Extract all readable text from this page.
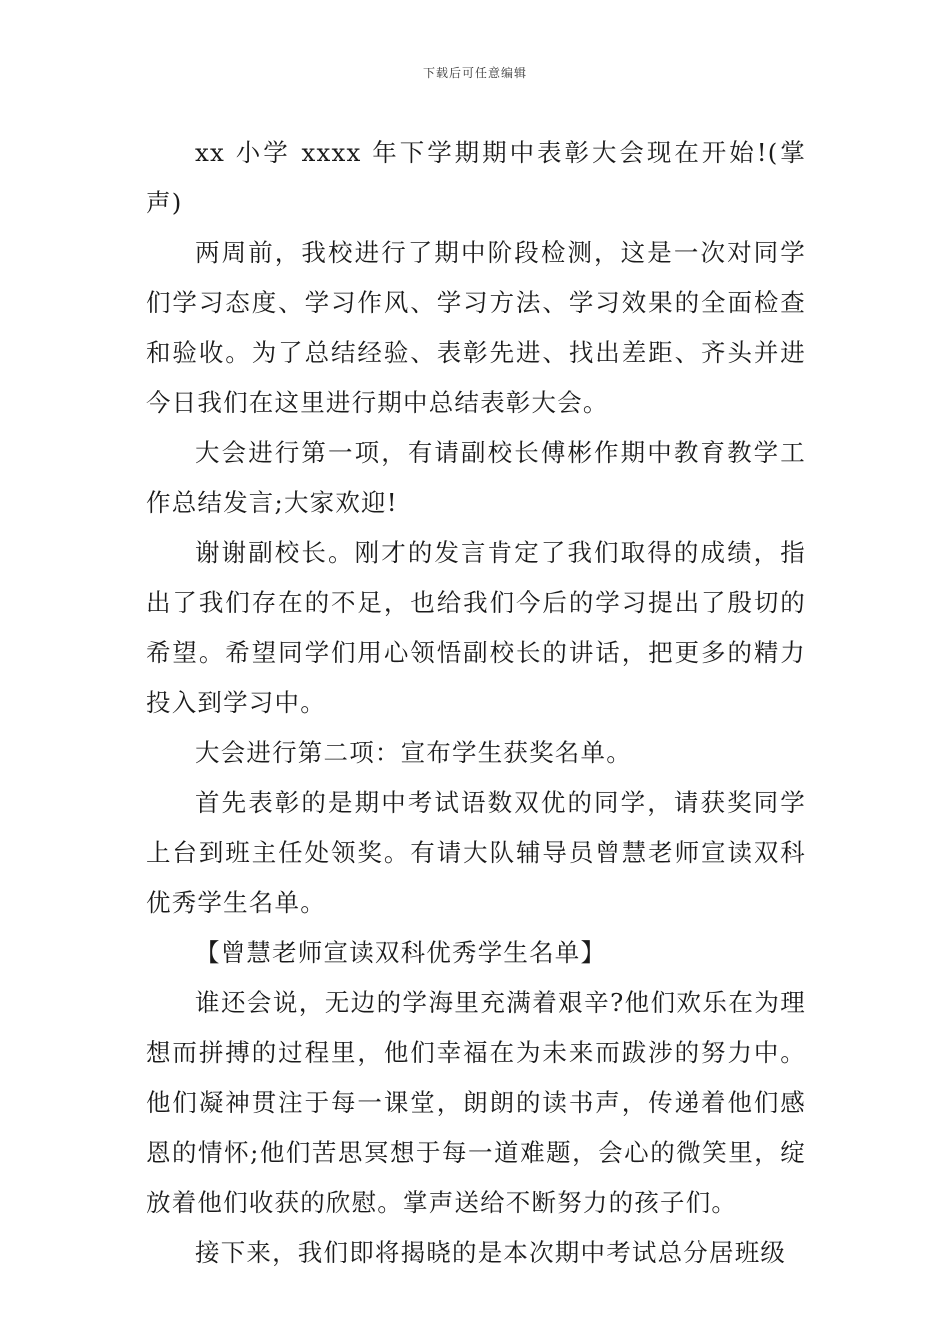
下载后可任意编辑

xx 小学 xxxx 年下学期期中表彰大会现在开始!(掌声)

两周前，我校进行了期中阶段检测，这是一次对同学们学习态度、学习作风、学习方法、学习效果的全面检查和验收。为了总结经验、表彰先进、找出差距、齐头并进今日我们在这里进行期中总结表彰大会。

大会进行第一项，有请副校长傅彬作期中教育教学工作总结发言;大家欢迎!

谢谢副校长。刚才的发言肯定了我们取得的成绩，指出了我们存在的不足，也给我们今后的学习提出了殷切的希望。希望同学们用心领悟副校长的讲话，把更多的精力投入到学习中。

大会进行第二项：宣布学生获奖名单。

首先表彰的是期中考试语数双优的同学，请获奖同学上台到班主任处领奖。有请大队辅导员曾慧老师宣读双科优秀学生名单。

【曾慧老师宣读双科优秀学生名单】

谁还会说，无边的学海里充满着艰辛?他们欢乐在为理想而拼搏的过程里，他们幸福在为未来而跋涉的努力中。他们凝神贯注于每一课堂，朗朗的读书声，传递着他们感恩的情怀;他们苦思冥想于每一道难题，会心的微笑里，绽放着他们收获的欣慰。掌声送给不断努力的孩子们。

接下来，我们即将揭晓的是本次期中考试总分居班级
